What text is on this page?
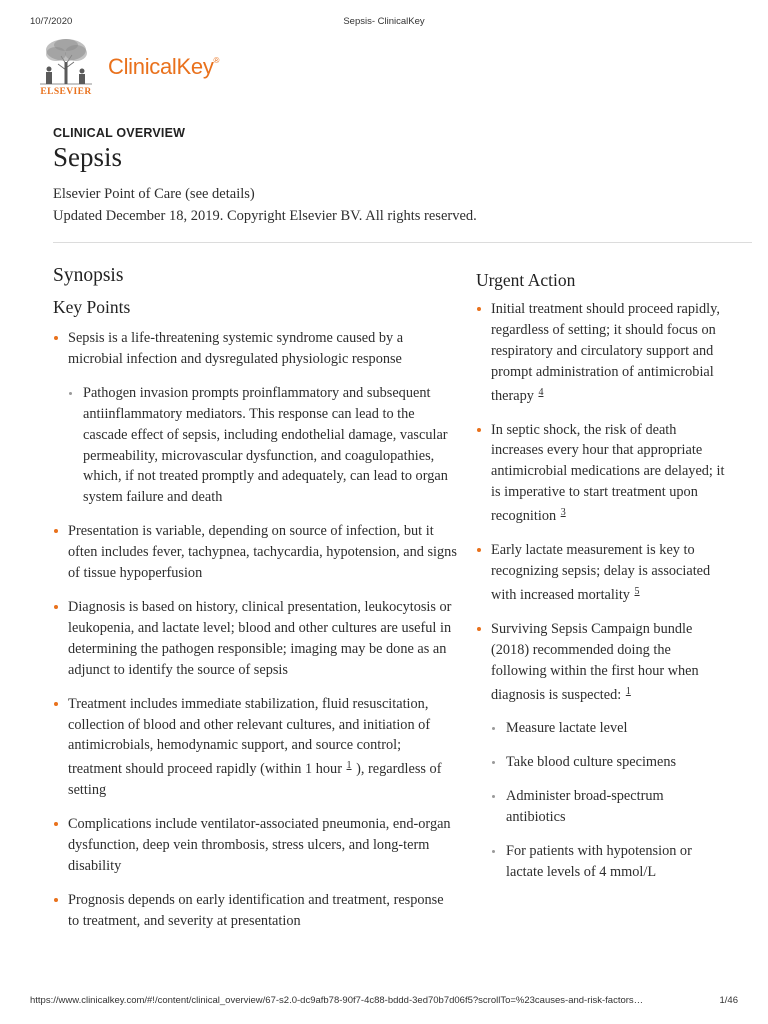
10/7/2020	Sepsis- ClinicalKey
ELSEVIER
ClinicalKey®
CLINICAL OVERVIEW
Sepsis
Elsevier Point of Care (see details)
Updated December 18, 2019. Copyright Elsevier BV. All rights reserved.
Synopsis
Key Points
Sepsis is a life-threatening systemic syndrome caused by a microbial infection and dysregulated physiologic response
Pathogen invasion prompts proinflammatory and subsequent antiinflammatory mediators. This response can lead to the cascade effect of sepsis, including endothelial damage, vascular permeability, microvascular dysfunction, and coagulopathies, which, if not treated promptly and adequately, can lead to organ system failure and death
Presentation is variable, depending on source of infection, but it often includes fever, tachypnea, tachycardia, hypotension, and signs of tissue hypoperfusion
Diagnosis is based on history, clinical presentation, leukocytosis or leukopenia, and lactate level; blood and other cultures are useful in determining the pathogen responsible; imaging may be done as an adjunct to identify the source of sepsis
Treatment includes immediate stabilization, fluid resuscitation, collection of blood and other relevant cultures, and initiation of antimicrobials, hemodynamic support, and source control; treatment should proceed rapidly (within 1 hour $^1$ ), regardless of setting
Complications include ventilator-associated pneumonia, end-organ dysfunction, deep vein thrombosis, stress ulcers, and long-term disability
Prognosis depends on early identification and treatment, response to treatment, and severity at presentation
Urgent Action
Initial treatment should proceed rapidly, regardless of setting; it should focus on respiratory and circulatory support and prompt administration of antimicrobial therapy $^4$
In septic shock, the risk of death increases every hour that appropriate antimicrobial medications are delayed; it is imperative to start treatment upon recognition $^3$
Early lactate measurement is key to recognizing sepsis; delay is associated with increased mortality $^5$
Surviving Sepsis Campaign bundle (2018) recommended doing the following within the first hour when diagnosis is suspected: $^1$
Measure lactate level
Take blood culture specimens
Administer broad-spectrum antibiotics
For patients with hypotension or lactate levels of 4 mmol/L
https://www.clinicalkey.com/#!/content/clinical_overview/67-s2.0-dc9afb78-90f7-4c88-bddd-3ed70b7d06f5?scrollTo=%23causes-and-risk-factors…	1/46
